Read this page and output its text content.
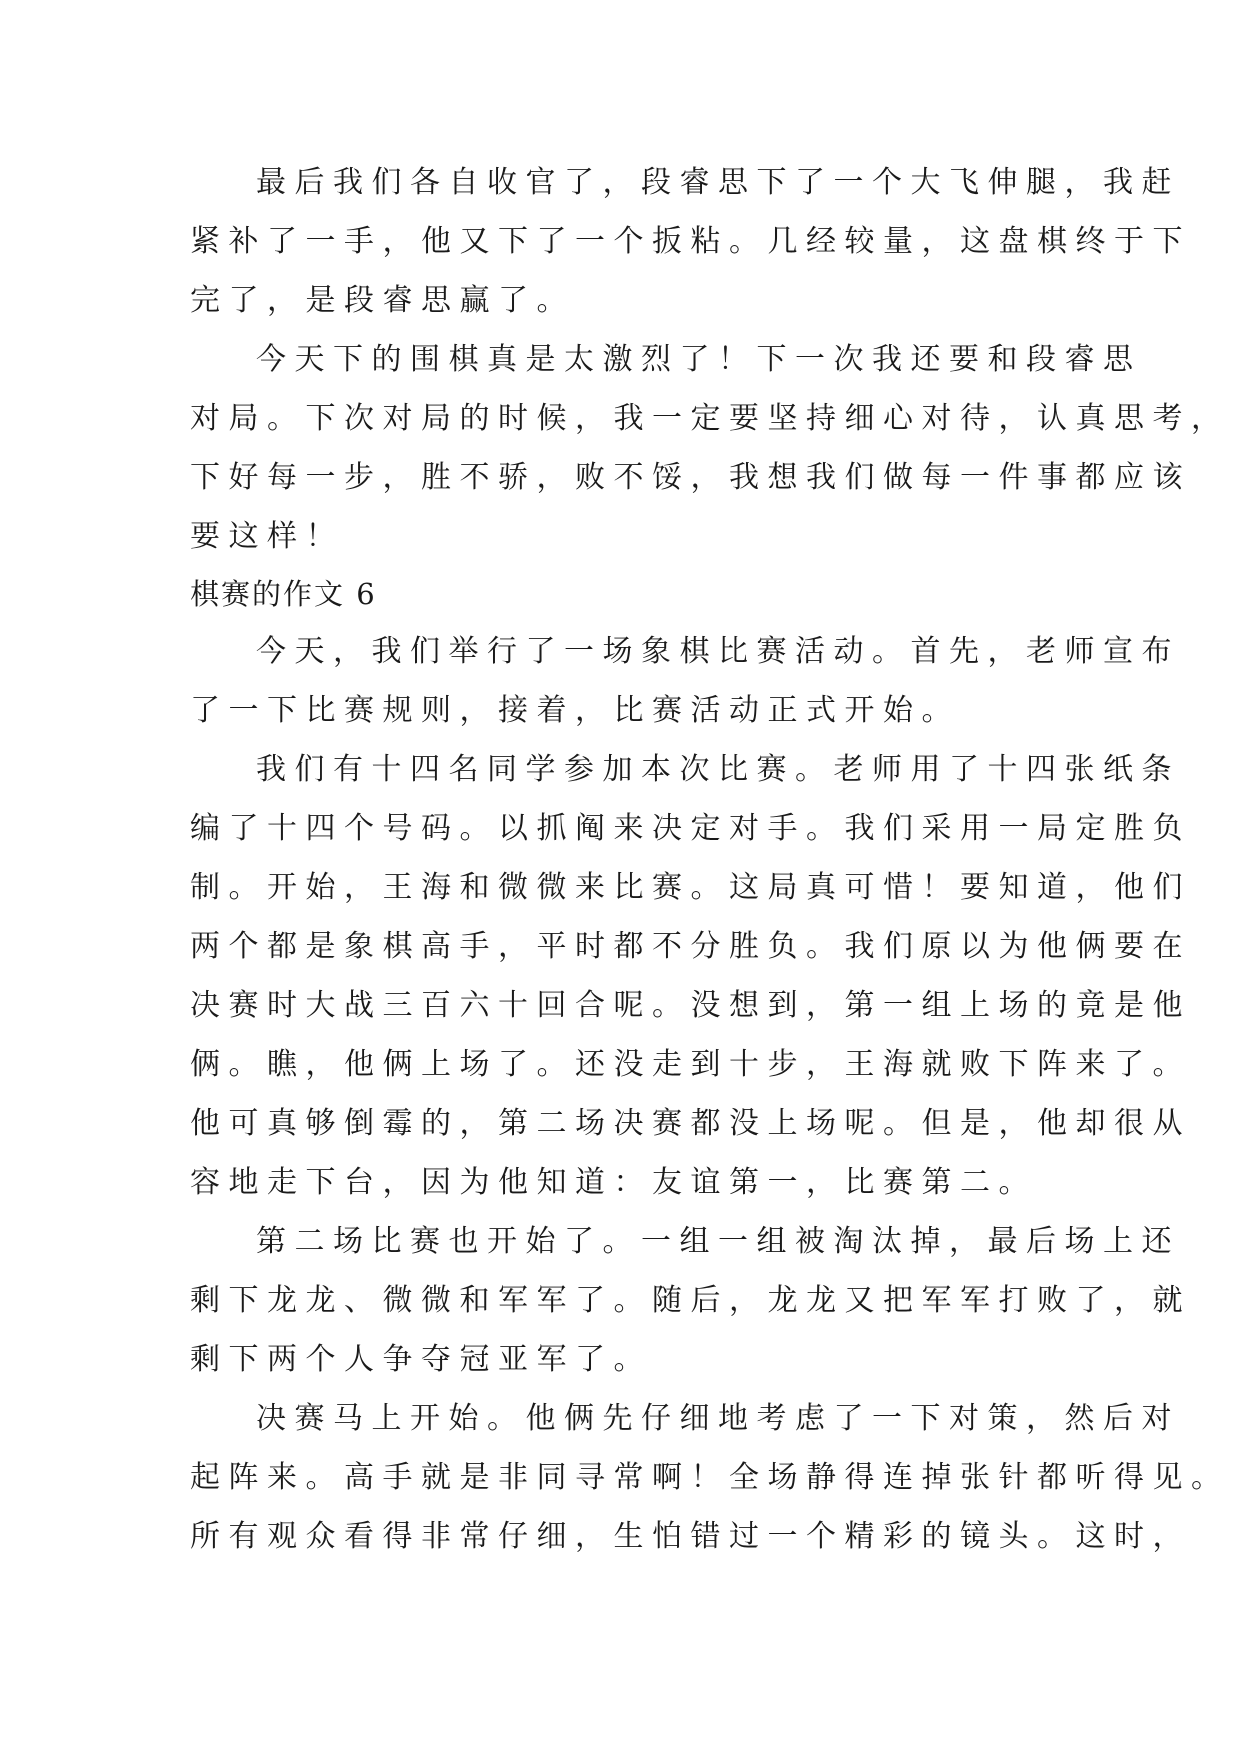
最后我们各自收官了，段睿思下了一个大飞伸腿，我赶
紧补了一手，他又下了一个扳粘。几经较量，这盘棋终于下
完了，是段睿思赢了。
今天下的围棋真是太激烈了！下一次我还要和段睿思
对局。下次对局的时候，我一定要坚持细心对待，认真思考，
下好每一步，胜不骄，败不馁，我想我们做每一件事都应该
要这样！
棋赛的作文 6
今天，我们举行了一场象棋比赛活动。首先，老师宣布
了一下比赛规则，接着，比赛活动正式开始。
我们有十四名同学参加本次比赛。老师用了十四张纸条
编了十四个号码。以抓阄来决定对手。我们采用一局定胜负
制。开始，王海和微微来比赛。这局真可惜！要知道，他们
两个都是象棋高手，平时都不分胜负。我们原以为他俩要在
决赛时大战三百六十回合呢。没想到，第一组上场的竟是他
俩。瞧，他俩上场了。还没走到十步，王海就败下阵来了。
他可真够倒霉的，第二场决赛都没上场呢。但是，他却很从
容地走下台，因为他知道：友谊第一，比赛第二。
第二场比赛也开始了。一组一组被淘汰掉，最后场上还
剩下龙龙、微微和军军了。随后，龙龙又把军军打败了，就
剩下两个人争夺冠亚军了。
决赛马上开始。他俩先仔细地考虑了一下对策，然后对
起阵来。高手就是非同寻常啊！全场静得连掉张针都听得见。
所有观众看得非常仔细，生怕错过一个精彩的镜头。这时，
